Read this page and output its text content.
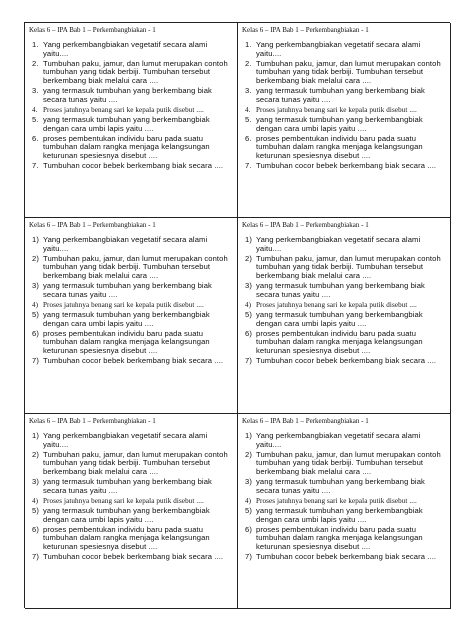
Kelas 6 – IPA Bab 1 – Perkembangbiakan - 1
1. Yang perkembangbiakan vegetatif secara alami yaitu....
2. Tumbuhan paku, jamur, dan lumut merupakan contoh tumbuhan yang tidak berbiji. Tumbuhan tersebut berkembang biak melalui cara ....
3. yang termasuk tumbuhan yang berkembang biak secara tunas yaitu ....
4. Proses jatuhnya benang sari ke kepala putik disebut ....
5. yang termasuk tumbuhan yang berkembangbiak dengan cara umbi lapis yaitu ....
6. proses pembentukan individu baru pada suatu tumbuhan dalam rangka menjaga kelangsungan keturunan spesiesnya disebut ....
7. Tumbuhan cocor bebek berkembang biak secara ....
Kelas 6 – IPA Bab 1 – Perkembangbiakan - 1
1. Yang perkembangbiakan vegetatif secara alami yaitu....
2. Tumbuhan paku, jamur, dan lumut merupakan contoh tumbuhan yang tidak berbiji. Tumbuhan tersebut berkembang biak melalui cara ....
3. yang termasuk tumbuhan yang berkembang biak secara tunas yaitu ....
4. Proses jatuhnya benang sari ke kepala putik disebut ....
5. yang termasuk tumbuhan yang berkembangbiak dengan cara umbi lapis yaitu ....
6. proses pembentukan individu baru pada suatu tumbuhan dalam rangka menjaga kelangsungan keturunan spesiesnya disebut ....
7. Tumbuhan cocor bebek berkembang biak secara ....
Kelas 6 – IPA Bab 1 – Perkembangbiakan - 1
1) Yang perkembangbiakan vegetatif secara alami yaitu....
2) Tumbuhan paku, jamur, dan lumut merupakan contoh tumbuhan yang tidak berbiji. Tumbuhan tersebut berkembang biak melalui cara ....
3) yang termasuk tumbuhan yang berkembang biak secara tunas yaitu ....
4) Proses jatuhnya benang sari ke kepala putik disebut ....
5) yang termasuk tumbuhan yang berkembangbiak dengan cara umbi lapis yaitu ....
6) proses pembentukan individu baru pada suatu tumbuhan dalam rangka menjaga kelangsungan keturunan spesiesnya disebut ....
7) Tumbuhan cocor bebek berkembang biak secara ....
Kelas 6 – IPA Bab 1 – Perkembangbiakan - 1
1) Yang perkembangbiakan vegetatif secara alami yaitu....
2) Tumbuhan paku, jamur, dan lumut merupakan contoh tumbuhan yang tidak berbiji. Tumbuhan tersebut berkembang biak melalui cara ....
3) yang termasuk tumbuhan yang berkembang biak secara tunas yaitu ....
4) Proses jatuhnya benang sari ke kepala putik disebut ....
5) yang termasuk tumbuhan yang berkembangbiak dengan cara umbi lapis yaitu ....
6) proses pembentukan individu baru pada suatu tumbuhan dalam rangka menjaga kelangsungan keturunan spesiesnya disebut ....
7) Tumbuhan cocor bebek berkembang biak secara ....
Kelas 6 – IPA Bab 1 – Perkembangbiakan - 1
1) Yang perkembangbiakan vegetatif secara alami yaitu....
2) Tumbuhan paku, jamur, dan lumut merupakan contoh tumbuhan yang tidak berbiji. Tumbuhan tersebut berkembang biak melalui cara ....
3) yang termasuk tumbuhan yang berkembang biak secara tunas yaitu ....
4) Proses jatuhnya benang sari ke kepala putik disebut ....
5) yang termasuk tumbuhan yang berkembangbiak dengan cara umbi lapis yaitu ....
6) proses pembentukan individu baru pada suatu tumbuhan dalam rangka menjaga kelangsungan keturunan spesiesnya disebut ....
7) Tumbuhan cocor bebek berkembang biak secara ....
Kelas 6 – IPA Bab 1 – Perkembangbiakan - 1
1) Yang perkembangbiakan vegetatif secara alami yaitu....
2) Tumbuhan paku, jamur, dan lumut merupakan contoh tumbuhan yang tidak berbiji. Tumbuhan tersebut berkembang biak melalui cara ....
3) yang termasuk tumbuhan yang berkembang biak secara tunas yaitu ....
4) Proses jatuhnya benang sari ke kepala putik disebut ....
5) yang termasuk tumbuhan yang berkembangbiak dengan cara umbi lapis yaitu ....
6) proses pembentukan individu baru pada suatu tumbuhan dalam rangka menjaga kelangsungan keturunan spesiesnya disebut ....
7) Tumbuhan cocor bebek berkembang biak secara ....
